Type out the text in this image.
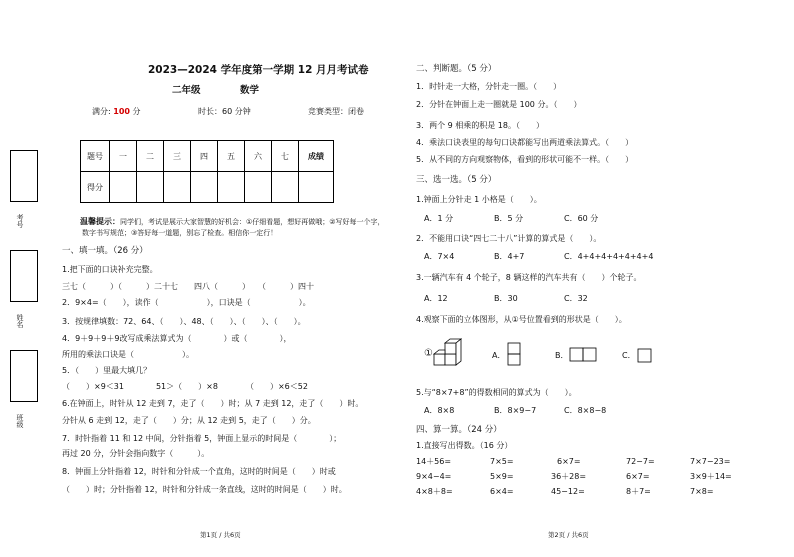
考号
姓名
班级
2023—2024 学年度第一学期 12 月月考试卷
二年级	数学
满分: 100 分	时长：60 分钟	竞赛类型：闭卷
题号	一	二	三	四	五	六	七	成绩
得分								
温馨提示：同学们，考试是展示大家智慧的好机会：①仔细看题，想好再做哦；②写好每一个字，
数字书写规范；③答好每一道题，别忘了检查。相信你一定行！
一、填一填。（26 分）
1.把下面的口诀补充完整。
三七（　　　）（　　　）二十七　　四八（　　　）　　（　　　）四十
2．9×4=（　　），读作（　　　　　　），口诀是（　　　　　　）。
3．按规律填数：72、64、（　　）、48、（　　）、（　　）、（　　）。
4．9＋9＋9＋9改写成乘法算式为（　　　　）或（　　　　），
所用的乘法口诀是（　　　　　　）。
5．（　　）里最大填几？
（　　）×9＜31　　　　51＞（　　）×8　　　　（　　）×6＜52
6.在钟面上，时针从 12 走到 7，走了（　　）时；从 7 走到 12，走了（　　）时。
分针从 6 走到 12，走了（　　）分；从 12 走到 5，走了（　　）分。
7．时针指着 11 和 12 中间，分针指着 5，钟面上显示的时间是（　　　　）；
再过 20 分，分针会指向数字（　　　）。
8．钟面上分针指着 12，时针和分针成一个直角，这时的时间是（　　）时或
（　　）时；分针指着 12，时针和分针成一条直线，这时的时间是（　　）时。
第1页 / 共6页
二、判断题。（5 分）
1．时针走一大格，分针走一圈。（　　）
2．分针在钟面上走一圈就是 100 分。（　　）
3．两个 9 相乘的积是 18。（　　）
4．乘法口诀表里的每句口诀都能写出两道乘法算式。（　　）
5．从不同的方向观察物体，看到的形状可能不一样。（　　）
三、选一选。（5 分）
1.钟面上分针走 1 小格是（　　）。
A．1 分	B．5 分	C．60 分
2．不能用口诀“四七二十八”计算的算式是（　　）。
A．7×4	B．4+7	C．4+4+4+4+4+4+4
3.一辆汽车有 4 个轮子，8 辆这样的汽车共有（　　）个轮子。
A．12	B．30	C．32
4.观察下面的立体图形，从①号位置看到的形状是（　　）。
①	A．	B．	C．
5.与“8×7+8”的得数相同的算式为（　　）。
A．8×8	B．8×9−7	C．8×8−8
四、算一算。（24 分）
1.直接写出得数。（16 分）
14＋56=	7×5=	6×7=	72−7=	7×7−23=
9×4−4=	5×9=	36＋28=	6×7=	3×9＋14=
4×8＋8=	6×4=	45−12=	8＋7=	7×8=
第2页 / 共6页
